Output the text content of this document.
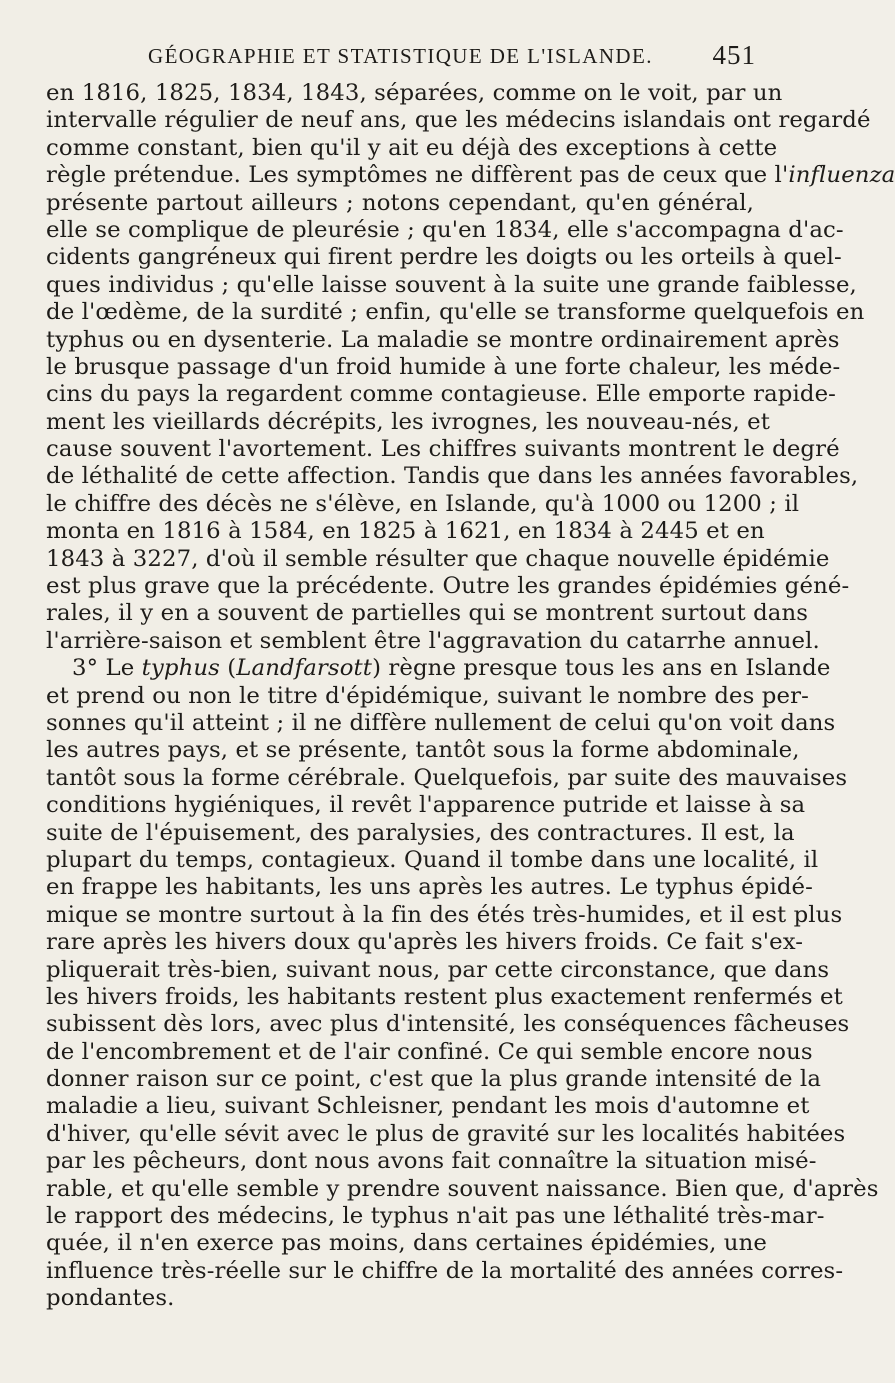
GÉOGRAPHIE ET STATISTIQUE DE L'ISLANDE. 451
en 1816, 1825, 1834, 1843, séparées, comme on le voit, par un
intervalle régulier de neuf ans, que les médecins islandais ont regardé
comme constant, bien qu'il y ait eu déjà des exceptions à cette
règle prétendue. Les symptômes ne diffèrent pas de ceux que l'influenza
présente partout ailleurs ; notons cependant, qu'en général,
elle se complique de pleurésie ; qu'en 1834, elle s'accompagna d'ac-
cidents gangréneux qui firent perdre les doigts ou les orteils à quel-
ques individus ; qu'elle laisse souvent à la suite une grande faiblesse,
de l'œdème, de la surdité ; enfin, qu'elle se transforme quelquefois en
typhus ou en dysenterie. La maladie se montre ordinairement après
le brusque passage d'un froid humide à une forte chaleur, les méde-
cins du pays la regardent comme contagieuse. Elle emporte rapide-
ment les vieillards décrépits, les ivrognes, les nouveau-nés, et
cause souvent l'avortement. Les chiffres suivants montrent le degré
de léthalité de cette affection. Tandis que dans les années favorables,
le chiffre des décès ne s'élève, en Islande, qu'à 1000 ou 1200 ; il
monta en 1816 à 1584, en 1825 à 1621, en 1834 à 2445 et en
1843 à 3227, d'où il semble résulter que chaque nouvelle épidémie
est plus grave que la précédente. Outre les grandes épidémies géné-
rales, il y en a souvent de partielles qui se montrent surtout dans
l'arrière-saison et semblent être l'aggravation du catarrhe annuel.
3° Le typhus (Landfarsott) règne presque tous les ans en Islande
et prend ou non le titre d'épidémique, suivant le nombre des per-
sonnes qu'il atteint ; il ne diffère nullement de celui qu'on voit dans
les autres pays, et se présente, tantôt sous la forme abdominale,
tantôt sous la forme cérébrale. Quelquefois, par suite des mauvaises
conditions hygiéniques, il revêt l'apparence putride et laisse à sa
suite de l'épuisement, des paralysies, des contractures. Il est, la
plupart du temps, contagieux. Quand il tombe dans une localité, il
en frappe les habitants, les uns après les autres. Le typhus épidé-
mique se montre surtout à la fin des étés très-humides, et il est plus
rare après les hivers doux qu'après les hivers froids. Ce fait s'ex-
pliquerait très-bien, suivant nous, par cette circonstance, que dans
les hivers froids, les habitants restent plus exactement renfermés et
subissent dès lors, avec plus d'intensité, les conséquences fâcheuses
de l'encombrement et de l'air confiné. Ce qui semble encore nous
donner raison sur ce point, c'est que la plus grande intensité de la
maladie a lieu, suivant Schleisner, pendant les mois d'automne et
d'hiver, qu'elle sévit avec le plus de gravité sur les localités habitées
par les pêcheurs, dont nous avons fait connaître la situation misé-
rable, et qu'elle semble y prendre souvent naissance. Bien que, d'après
le rapport des médecins, le typhus n'ait pas une léthalité très-mar-
quée, il n'en exerce pas moins, dans certaines épidémies, une
influence très-réelle sur le chiffre de la mortalité des années corres-
pondantes.
